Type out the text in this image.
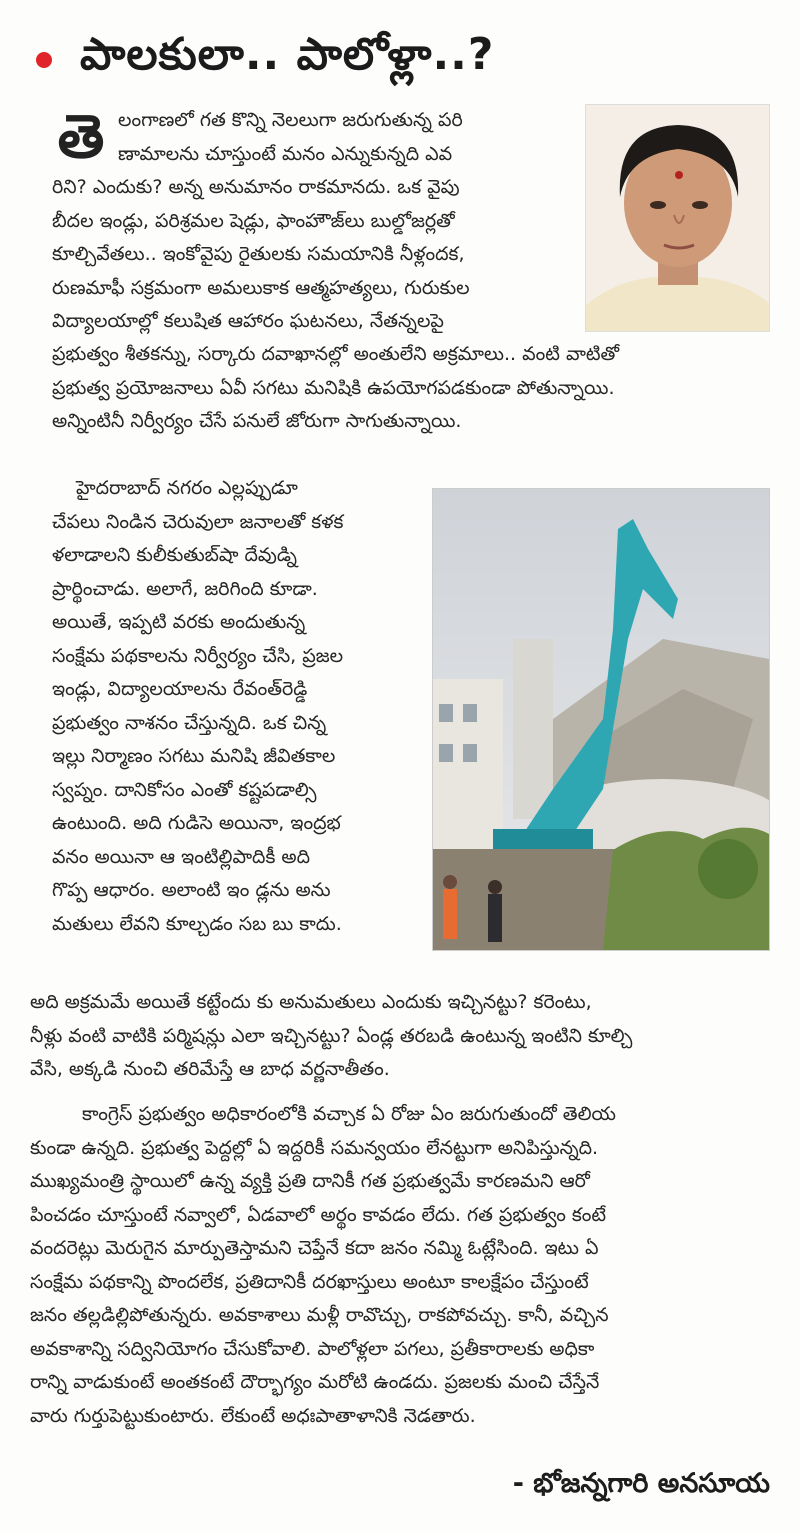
పాలకులా.. పాలోళ్లా..?
తె లంగాణలో గత కొన్ని నెలలుగా జరుగుతున్న పరి
ణామాలను చూస్తుంటే మనం ఎన్నుకున్నది ఎవ
రిని? ఎందుకు? అన్న అనుమానం రాకమానదు. ఒక వైపు
బీదల ఇండ్లు, పరిశ్రమల షెడ్లు, ఫాంహౌజ్‌లు బుల్డోజర్లతో
కూల్చివేతలు.. ఇంకోవైపు రైతులకు సమయానికి నీళ్లందక,
రుణమాఫీ సక్రమంగా అమలుకాక ఆత్మహత్యలు, గురుకుల
విద్యాలయాల్లో కలుషిత ఆహారం ఘటనలు, నేతన్నలపై
ప్రభుత్వం శీతకన్ను, సర్కారు దవాఖానల్లో అంతులేని అక్రమాలు.. వంటి వాటితో
ప్రభుత్వ ప్రయోజనాలు ఏవీ సగటు మనిషికి ఉపయోగపడకుండా పోతున్నాయి.
అన్నింటినీ నిర్వీర్యం చేసే పనులే జోరుగా సాగుతున్నాయి.
హైదరాబాద్ నగరం ఎల్లప్పుడూ
చేపలు నిండిన చెరువులా జనాలతో కళక
ళలాడాలని కులీకుతుబ్‌షా దేవుడ్ని
ప్రార్థించాడు. అలాగే, జరిగింది కూడా.
అయితే, ఇప్పటి వరకు అందుతున్న
సంక్షేమ పథకాలను నిర్వీర్యం చేసి, ప్రజల
ఇండ్లు, విద్యాలయాలను రేవంత్‌రెడ్డి
ప్రభుత్వం నాశనం చేస్తున్నది. ఒక చిన్న
ఇల్లు నిర్మాణం సగటు మనిషి జీవితకాల
స్వప్నం. దానికోసం ఎంతో కష్టపడాల్సి
ఉంటుంది. అది గుడిసె అయినా, ఇంద్రభ
వనం అయినా ఆ ఇంటిల్లిపాదికీ అది
గొప్ప ఆధారం. అలాంటి ఇం డ్లను అను
మతులు లేవని కూల్చడం సబ బు కాదు.
అది అక్రమమే అయితే కట్టేందు కు అనుమతులు ఎందుకు ఇచ్చినట్టు? కరెంటు,
నీళ్లు వంటి వాటికి పర్మిషన్లు ఎలా ఇచ్చినట్టు? ఏండ్ల తరబడి ఉంటున్న ఇంటిని కూల్చి
వేసి, అక్కడి నుంచి తరిమేస్తే ఆ బాధ వర్ణనాతీతం.
కాంగ్రెస్ ప్రభుత్వం అధికారంలోకి వచ్చాక ఏ రోజు ఏం జరుగుతుందో తెలియ
కుండా ఉన్నది. ప్రభుత్వ పెద్దల్లో ఏ ఇద్దరికీ సమన్వయం లేనట్టుగా అనిపిస్తున్నది.
ముఖ్యమంత్రి స్థాయిలో ఉన్న వ్యక్తి ప్రతి దానికీ గత ప్రభుత్వమే కారణమని ఆరో
పించడం చూస్తుంటే నవ్వాలో, ఏడవాలో అర్థం కావడం లేదు. గత ప్రభుత్వం కంటే
వందరెట్లు మెరుగైన మార్పుతెస్తామని చెప్తేనే కదా జనం నమ్మి ఓట్లేసింది. ఇటు ఏ
సంక్షేమ పథకాన్ని పొందలేక, ప్రతిదానికీ దరఖాస్తులు అంటూ కాలక్షేపం చేస్తుంటే
జనం తల్లడిల్లిపోతున్నరు. అవకాశాలు మళ్లీ రావొచ్చు, రాకపోవచ్చు. కానీ, వచ్చిన
అవకాశాన్ని సద్వినియోగం చేసుకోవాలి. పాలోళ్లలా పగలు, ప్రతీకారాలకు అధికా
రాన్ని వాడుకుంటే అంతకంటే దౌర్భాగ్యం మరోటి ఉండదు. ప్రజలకు మంచి చేస్తేనే
వారు గుర్తుపెట్టుకుంటారు. లేకుంటే అధఃపాతాళానికి నెడతారు.
- భోజన్నగారి అనసూయ
